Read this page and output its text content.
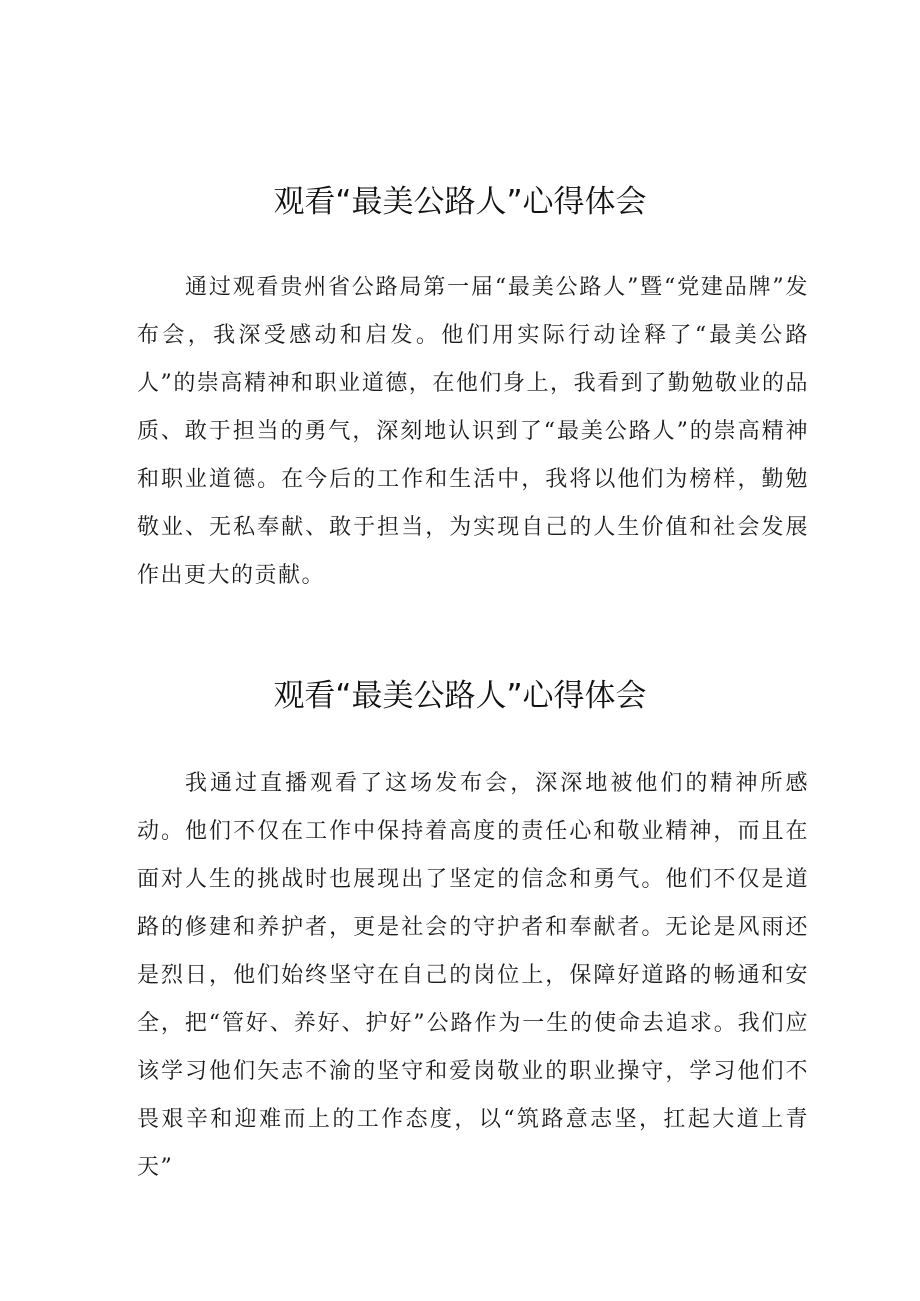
观看“最美公路人”心得体会

通过观看贵州省公路局第一届“最美公路人”暨“党建品牌”发布会，我深受感动和启发。他们用实际行动诠释了“最美公路人”的崇高精神和职业道德，在他们身上，我看到了勤勉敬业的品质、敢于担当的勇气，深刻地认识到了“最美公路人”的崇高精神和职业道德。在今后的工作和生活中，我将以他们为榜样，勤勉敬业、无私奉献、敢于担当，为实现自己的人生价值和社会发展作出更大的贡献。

观看“最美公路人”心得体会

我通过直播观看了这场发布会，深深地被他们的精神所感动。他们不仅在工作中保持着高度的责任心和敬业精神，而且在面对人生的挑战时也展现出了坚定的信念和勇气。他们不仅是道路的修建和养护者，更是社会的守护者和奉献者。无论是风雨还是烈日，他们始终坚守在自己的岗位上，保障好道路的畅通和安全，把“管好、养好、护好”公路作为一生的使命去追求。我们应该学习他们矢志不渝的坚守和爱岗敬业的职业操守，学习他们不畏艰辛和迎难而上的工作态度，以“筑路意志坚，扛起大道上青天”
